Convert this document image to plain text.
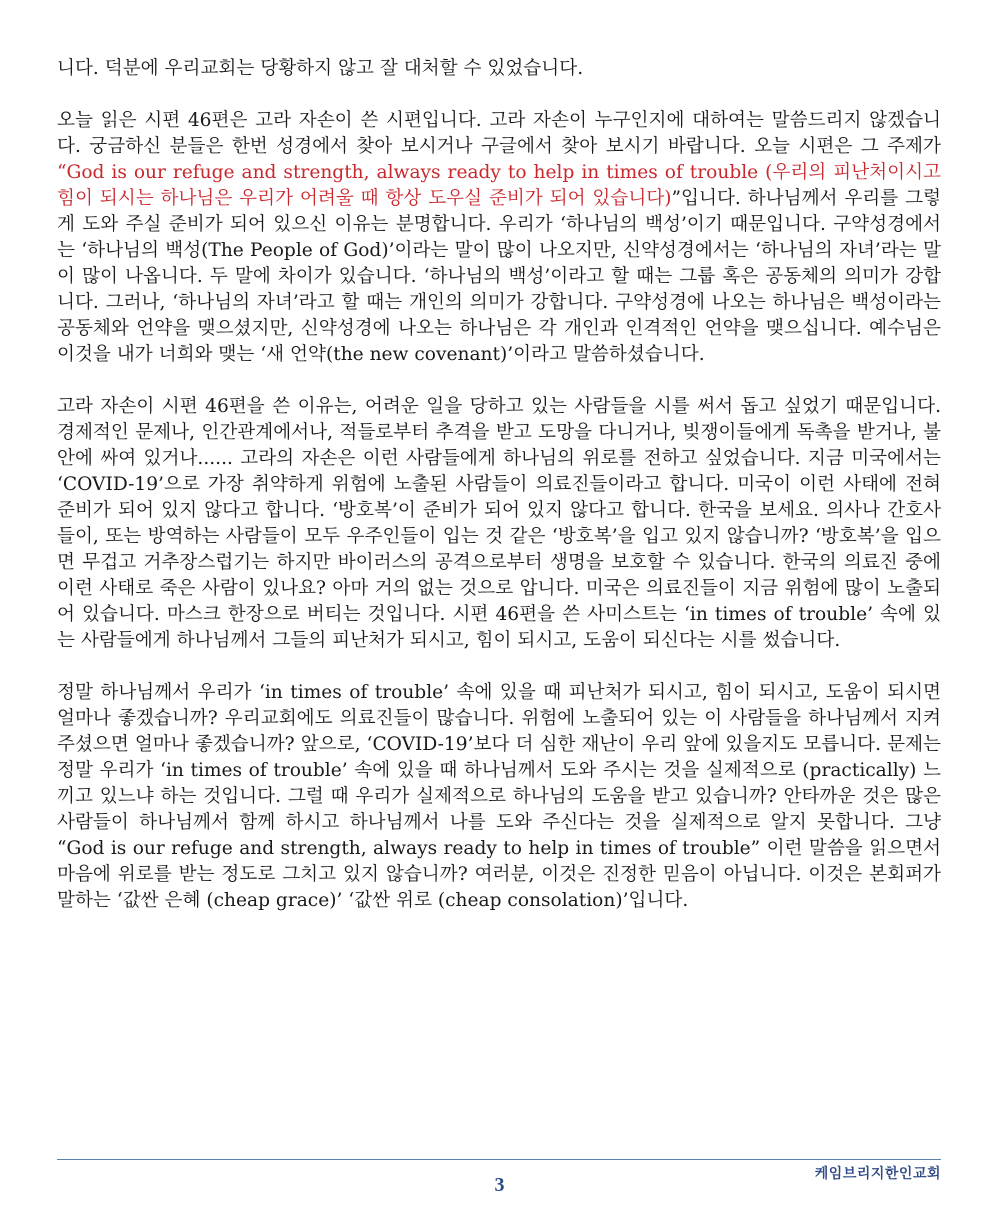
니다. 덕분에 우리교회는 당황하지 않고 잘 대처할 수 있었습니다.

오늘 읽은 시편 46편은 고라 자손이 쓴 시편입니다. 고라 자손이 누구인지에 대하여는 말씀드리지 않겠습니다. 궁금하신 분들은 한번 성경에서 찾아 보시거나 구글에서 찾아 보시기 바랍니다. 오늘 시편은 그 주제가 “God is our refuge and strength, always ready to help in times of trouble (우리의 피난처이시고 힘이 되시는 하나님은 우리가 어려울 때 항상 도우실 준비가 되어 있습니다)”입니다. 하나님께서 우리를 그렇게 도와 주실 준비가 되어 있으신 이유는 분명합니다. 우리가 ‘하나님의 백성’이기 때문입니다. 구약성경에서는 ‘하나님의 백성(The People of God)’이라는 말이 많이 나오지만, 신약성경에서는 ‘하나님의 자녀’라는 말이 많이 나옵니다. 두 말에 차이가 있습니다. ‘하나님의 백성’이라고 할 때는 그룹 혹은 공동체의 의미가 강합니다. 그러나, ‘하나님의 자녀’라고 할 때는 개인의 의미가 강합니다. 구약성경에 나오는 하나님은 백성이라는 공동체와 언약을 맺으셨지만, 신약성경에 나오는 하나님은 각 개인과 인격적인 언약을 맺으십니다. 예수님은 이것을 내가 너희와 맺는 ‘새 언약(the new covenant)’이라고 말씀하셨습니다.

고라 자손이 시편 46편을 쓴 이유는, 어려운 일을 당하고 있는 사람들을 시를 써서 돕고 싶었기 때문입니다. 경제적인 문제나, 인간관계에서나, 적들로부터 추격을 받고 도망을 다니거나, 빚쟁이들에게 독촉을 받거나, 불안에 싸여 있거나...... 고라의 자손은 이런 사람들에게 하나님의 위로를 전하고 싶었습니다. 지금 미국에서는 ‘COVID-19’으로 가장 취약하게 위험에 노출된 사람들이 의료진들이라고 합니다. 미국이 이런 사태에 전혀 준비가 되어 있지 않다고 합니다. ‘방호복’이 준비가 되어 있지 않다고 합니다. 한국을 보세요. 의사나 간호사들이, 또는 방역하는 사람들이 모두 우주인들이 입는 것 같은 ‘방호복’을 입고 있지 않습니까? ‘방호복’을 입으면 무겁고 거추장스럽기는 하지만 바이러스의 공격으로부터 생명을 보호할 수 있습니다. 한국의 의료진 중에 이런 사태로 죽은 사람이 있나요? 아마 거의 없는 것으로 압니다. 미국은 의료진들이 지금 위험에 많이 노출되어 있습니다. 마스크 한장으로 버티는 것입니다. 시편 46편을 쓴 사미스트는 ‘in times of trouble’ 속에 있는 사람들에게 하나님께서 그들의 피난처가 되시고, 힘이 되시고, 도움이 되신다는 시를 썼습니다.

정말 하나님께서 우리가 ‘in times of trouble’ 속에 있을 때 피난처가 되시고, 힘이 되시고, 도움이 되시면 얼마나 좋겠습니까? 우리교회에도 의료진들이 많습니다. 위험에 노출되어 있는 이 사람들을 하나님께서 지켜 주셨으면 얼마나 좋겠습니까? 앞으로, ‘COVID-19’보다 더 심한 재난이 우리 앞에 있을지도 모릅니다. 문제는 정말 우리가 ‘in times of trouble’ 속에 있을 때 하나님께서 도와 주시는 것을 실제적으로 (practically) 느끼고 있느냐 하는 것입니다. 그럴 때 우리가 실제적으로 하나님의 도움을 받고 있습니까? 안타까운 것은 많은 사람들이 하나님께서 함께 하시고 하나님께서 나를 도와 주신다는 것을 실제적으로 알지 못합니다. 그냥 “God is our refuge and strength, always ready to help in times of trouble” 이런 말씀을 읽으면서 마음에 위로를 받는 정도로 그치고 있지 않습니까? 여러분, 이것은 진정한 믿음이 아닙니다. 이것은 본회퍼가 말하는 ‘값싼 은혜 (cheap grace)’ ‘값싼 위로 (cheap consolation)’입니다.

케임브리지한인교회
3
